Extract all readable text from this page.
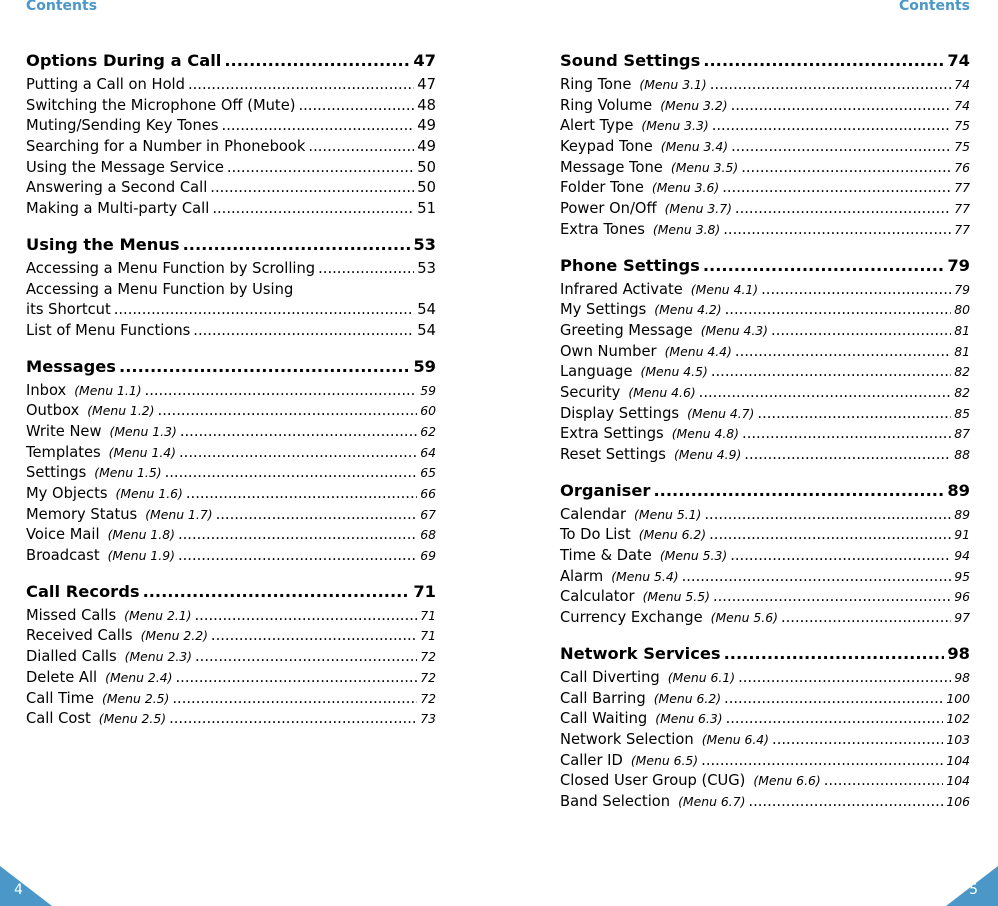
Contents	Contents
Options During a Call .....	47
Putting a Call on Hold .....	47
Switching the Microphone Off (Mute) .....	48
Muting/Sending Key Tones .....	49
Searching for a Number in Phonebook .....	49
Using the Message Service .....	50
Answering a Second Call .....	50
Making a Multi-party Call .....	51
Using the Menus .....	53
Accessing a Menu Function by Scrolling .....	53
Accessing a Menu Function by Using
its Shortcut .....	54
List of Menu Functions .....	54
Messages .....	59
Inbox (Menu 1.1) .....	59
Outbox (Menu 1.2) .....	60
Write New (Menu 1.3) .....	62
Templates (Menu 1.4) .....	64
Settings (Menu 1.5) .....	65
My Objects (Menu 1.6) .....	66
Memory Status (Menu 1.7) .....	67
Voice Mail (Menu 1.8) .....	68
Broadcast (Menu 1.9) .....	69
Call Records .....	71
Missed Calls (Menu 2.1) .....	71
Received Calls (Menu 2.2) .....	71
Dialled Calls (Menu 2.3) .....	72
Delete All (Menu 2.4) .....	72
Call Time (Menu 2.5) .....	72
Call Cost (Menu 2.5) .....	73
Sound Settings .....	74
Ring Tone (Menu 3.1) .....	74
Ring Volume (Menu 3.2) .....	74
Alert Type (Menu 3.3) .....	75
Keypad Tone (Menu 3.4) .....	75
Message Tone (Menu 3.5) .....	76
Folder Tone (Menu 3.6) .....	77
Power On/Off (Menu 3.7) .....	77
Extra Tones (Menu 3.8) .....	77
Phone Settings .....	79
Infrared Activate (Menu 4.1) .....	79
My Settings (Menu 4.2) .....	80
Greeting Message (Menu 4.3) .....	81
Own Number (Menu 4.4) .....	81
Language (Menu 4.5) .....	82
Security (Menu 4.6) .....	82
Display Settings (Menu 4.7) .....	85
Extra Settings (Menu 4.8) .....	87
Reset Settings (Menu 4.9) .....	88
Organiser .....	89
Calendar (Menu 5.1) .....	89
To Do List (Menu 6.2) .....	91
Time & Date (Menu 5.3) .....	94
Alarm (Menu 5.4) .....	95
Calculator (Menu 5.5) .....	96
Currency Exchange (Menu 5.6) .....	97
Network Services .....	98
Call Diverting (Menu 6.1) .....	98
Call Barring (Menu 6.2) .....	100
Call Waiting (Menu 6.3) .....	102
Network Selection (Menu 6.4) .....	103
Caller ID (Menu 6.5) .....	104
Closed User Group (CUG) (Menu 6.6) .....	104
Band Selection (Menu 6.7) .....	106
4	5
